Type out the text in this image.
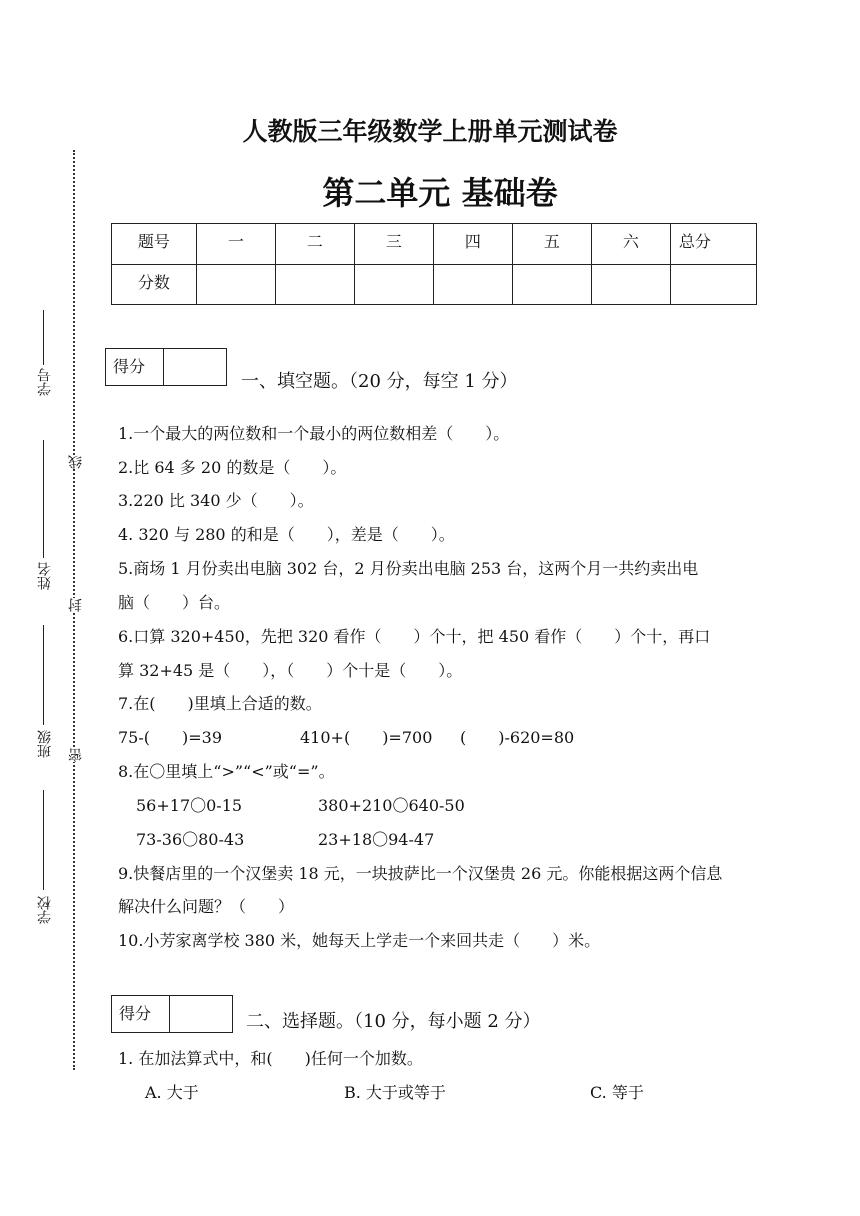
学号
姓名
班级
学校
线
封
密
人教版三年级数学上册单元测试卷
第二单元 基础卷
题号	一	二	三	四	五	六	总分
分数							
得分
一、填空题。（20 分，每空 1 分）
1.一个最大的两位数和一个最小的两位数相差（　　）。
2.比 64 多 20 的数是（　　）。
3.220 比 340 少（　　）。
4. 320 与 280 的和是（　　），差是（　　）。
5.商场 1 月份卖出电脑 302 台，2 月份卖出电脑 253 台，这两个月一共约卖出电
脑（　　）台。
6.口算 320+450，先把 320 看作（　　）个十，把 450 看作（　　）个十，再口
算 32+45 是（　　），（　　）个十是（　　）。
7.在(　　)里填上合适的数。
75-(　　)=39	410+(　　)=700 (　　)-620=80
8.在〇里填上“>”“<”或“=”。
56+17〇0-15	380+210〇640-50
73-36〇80-43	23+18〇94-47
9.快餐店里的一个汉堡卖 18 元，一块披萨比一个汉堡贵 26 元。你能根据这两个信息
解决什么问题？（　　）
10.小芳家离学校 380 米，她每天上学走一个来回共走（　　）米。
得分	二、选择题。（10 分，每小题 2 分）
1. 在加法算式中，和(　　)任何一个加数。
A. 大于	B. 大于或等于	C. 等于
